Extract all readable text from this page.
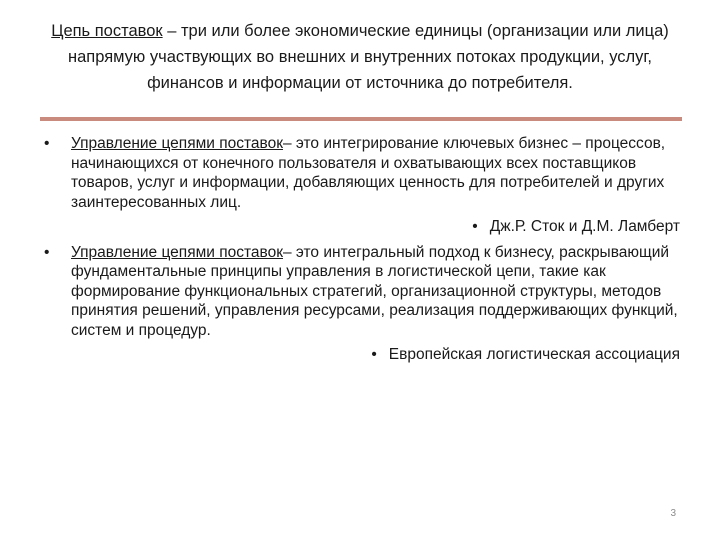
Цепь поставок – три или более экономические единицы (организации или лица) напрямую участвующих во внешних и внутренних потоках продукции, услуг, финансов и информации от источника до потребителя.
• Управление цепями поставок– это интегрирование ключевых бизнес – процессов, начинающихся от конечного пользователя и охватывающих всех поставщиков товаров, услуг и информации, добавляющих ценность для потребителей и других заинтересованных лиц.
• Дж.Р. Сток и Д.М. Ламберт
• Управление цепями поставок– это интегральный подход к бизнесу, раскрывающий фундаментальные принципы управления в логистической цепи, такие как формирование функциональных стратегий, организационной структуры, методов принятия решений, управления ресурсами, реализация поддерживающих функций, систем и процедур.
• Европейская логистическая ассоциация
3
